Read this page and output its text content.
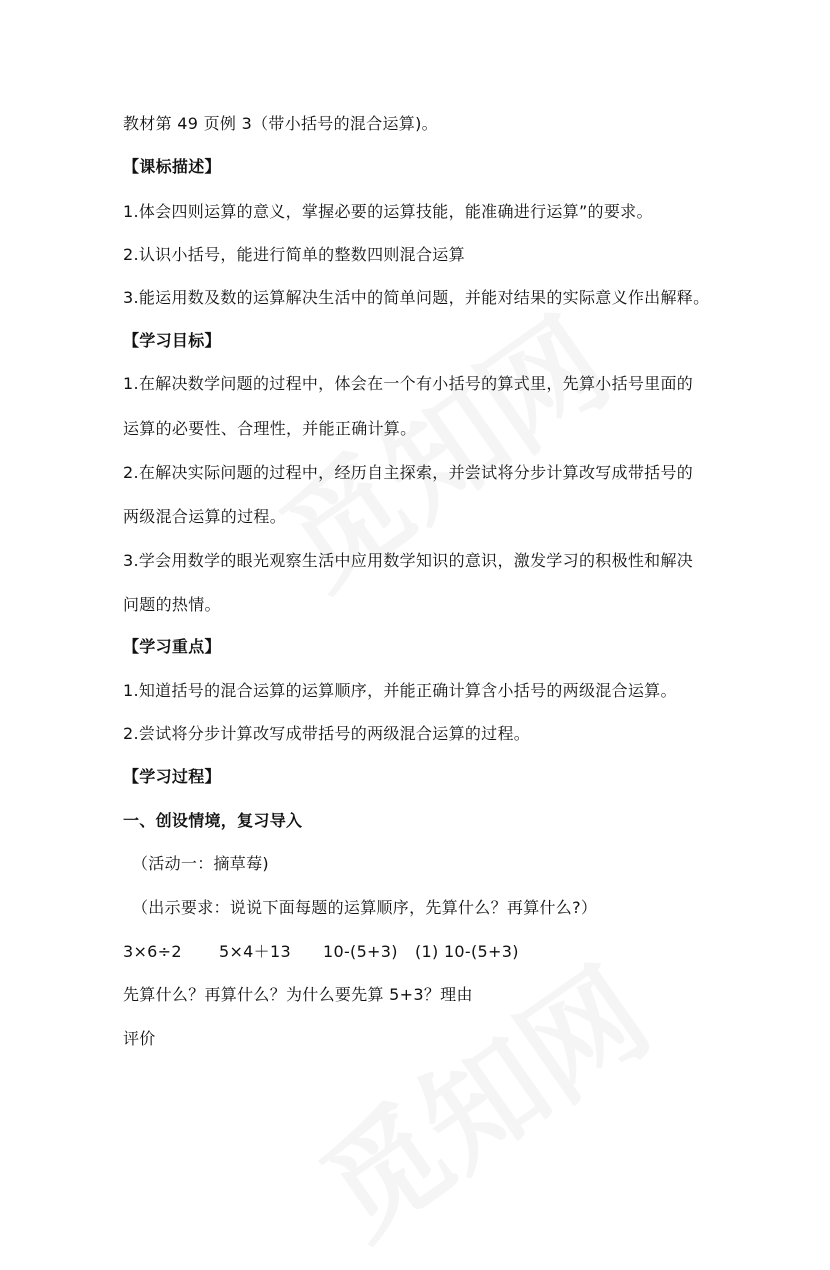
教材第 49 页例 3（带小括号的混合运算)。
【课标描述】
1.体会四则运算的意义，掌握必要的运算技能，能准确进行运算”的要求。
2.认识小括号，能进行简单的整数四则混合运算
3.能运用数及数的运算解决生活中的简单问题，并能对结果的实际意义作出解释。
【学习目标】
1.在解决数学问题的过程中，体会在一个有小括号的算式里，先算小括号里面的
运算的必要性、合理性，并能正确计算。
2.在解决实际问题的过程中，经历自主探索，并尝试将分步计算改写成带括号的
两级混合运算的过程。
3.学会用数学的眼光观察生活中应用数学知识的意识，激发学习的积极性和解决
问题的热情。
【学习重点】
1.知道括号的混合运算的运算顺序，并能正确计算含小括号的两级混合运算。
2.尝试将分步计算改写成带括号的两级混合运算的过程。
【学习过程】
一、创设情境，复习导入
（活动一：摘草莓)
（出示要求：说说下面每题的运算顺序，先算什么？再算什么?）
3×6÷2 5×4＋13 10-(5+3) (1) 10-(5+3)
先算什么？再算什么？为什么要先算 5+3？理由
评价
